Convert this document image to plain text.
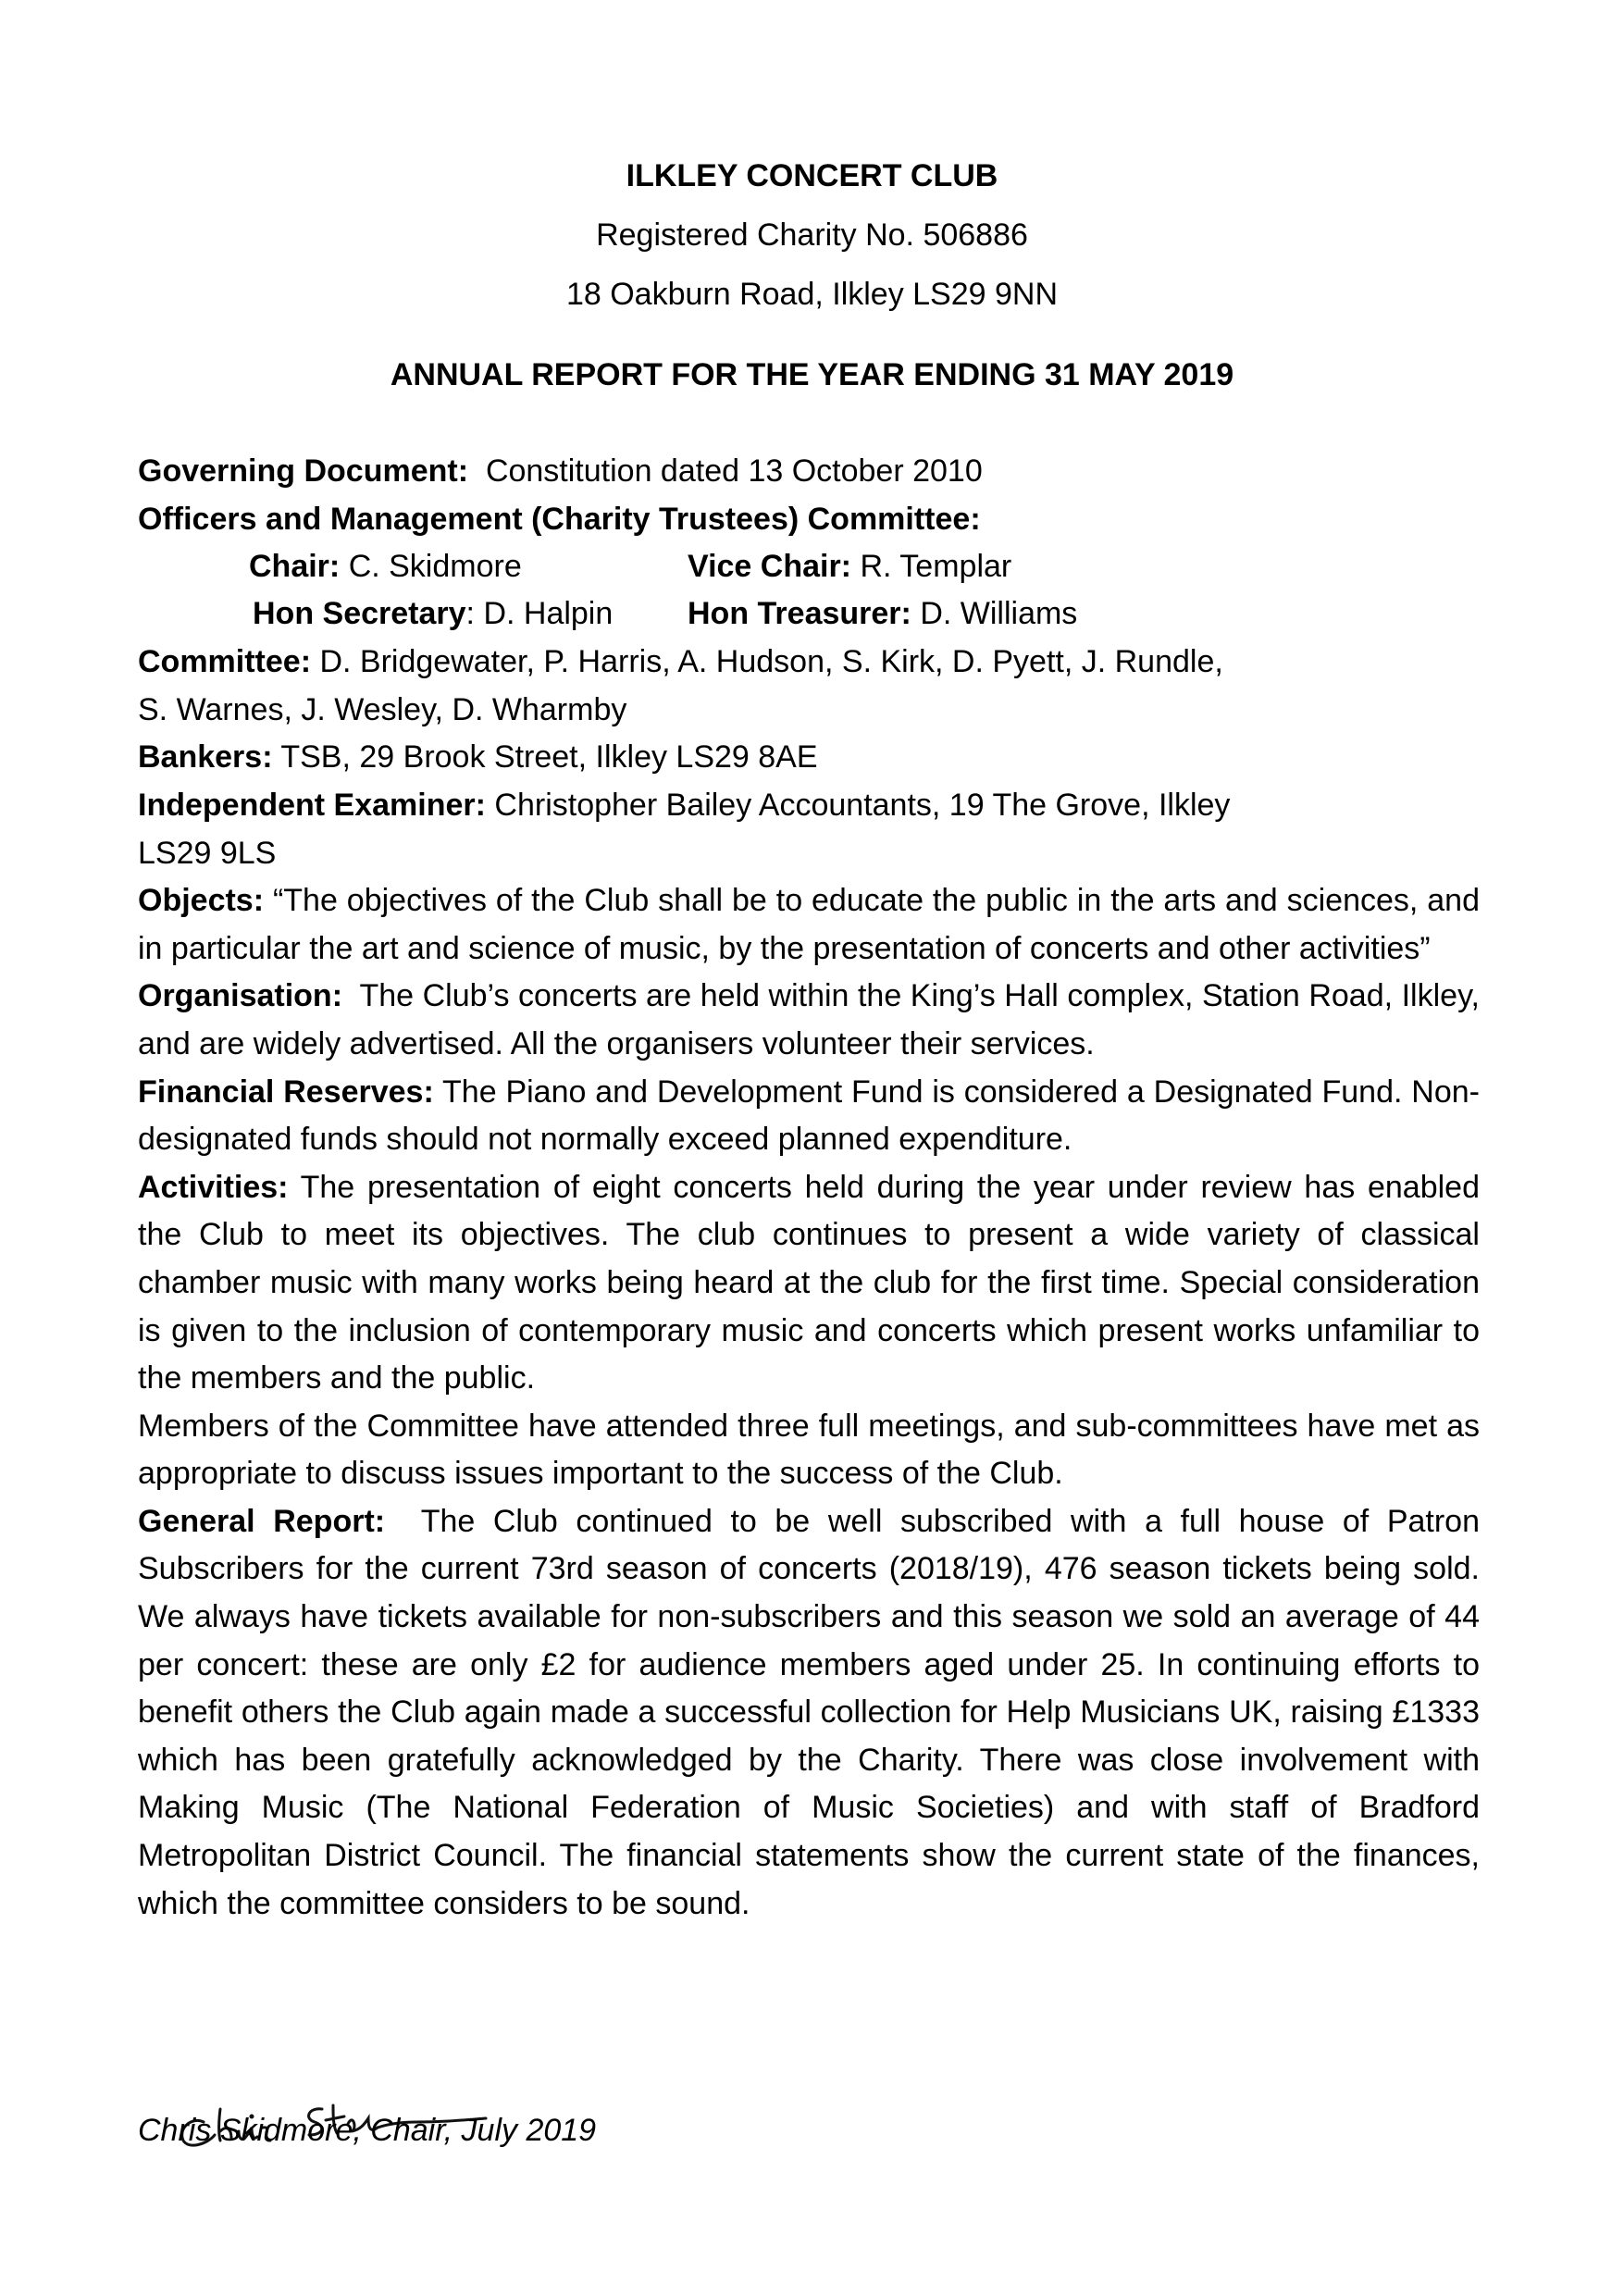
ILKLEY CONCERT CLUB
Registered Charity No. 506886
18 Oakburn Road, Ilkley LS29 9NN
ANNUAL REPORT FOR THE YEAR ENDING 31 MAY 2019

Governing Document: Constitution dated 13 October 2010

Officers and Management (Charity Trustees) Committee:

Chair: C. Skidmore	Vice Chair: R. Templar
Hon Secretary: D. Halpin Hon Treasurer: D. Williams

Committee: D. Bridgewater, P. Harris, A. Hudson, S. Kirk, D. Pyett, J. Rundle,

S. Warnes, J. Wesley, D. Wharmby

Bankers: TSB, 29 Brook Street, Ilkley LS29 8AE

Independent Examiner: Christopher Bailey Accountants, 19 The Grove, Ilkley

LS29 9LS

Objects: “The objectives of the Club shall be to educate the public in the arts and sciences, and in particular the art and science of music, by the presentation of concerts and other activities”

Organisation: The Club’s concerts are held within the King’s Hall complex, Station Road, Ilkley, and are widely advertised. All the organisers volunteer their services.

Financial Reserves: The Piano and Development Fund is considered a Designated Fund. Non-designated funds should not normally exceed planned expenditure.

Activities: The presentation of eight concerts held during the year under review has enabled the Club to meet its objectives. The club continues to present a wide variety of classical chamber music with many works being heard at the club for the first time. Special consideration is given to the inclusion of contemporary music and concerts which present works unfamiliar to the members and the public.

Members of the Committee have attended three full meetings, and sub-committees have met as appropriate to discuss issues important to the success of the Club.

General Report: The Club continued to be well subscribed with a full house of Patron Subscribers for the current 73rd season of concerts (2018/19), 476 season tickets being sold. We always have tickets available for non-subscribers and this season we sold an average of 44 per concert: these are only £2 for audience members aged under 25. In continuing efforts to benefit others the Club again made a successful collection for Help Musicians UK, raising £1333 which has been gratefully acknowledged by the Charity. There was close involvement with Making Music (The National Federation of Music Societies) and with staff of Bradford Metropolitan District Council. The financial statements show the current state of the finances, which the committee considers to be sound.

Chris Skidmore, Chair, July 2019
